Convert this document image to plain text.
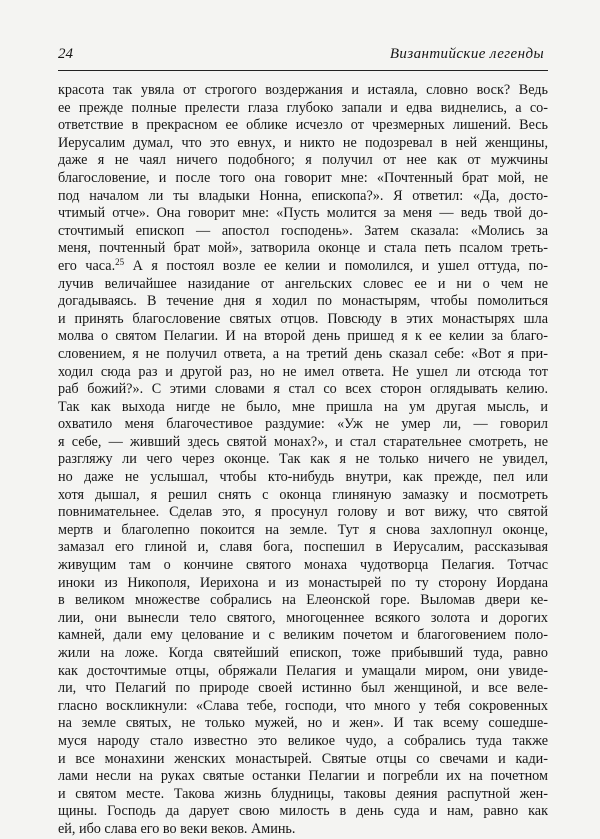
24	Византийские легенды
красота так увяла от строгого воздержания и истаяла, словно воск? Ведь
ее прежде полные прелести глаза глубоко запали и едва виднелись, а со-
ответствие в прекрасном ее облике исчезло от чрезмерных лишений. Весь
Иерусалим думал, что это евнух, и никто не подозревал в ней женщины,
даже я не чаял ничего подобного; я получил от нее как от мужчины
благословение, и после того она говорит мне: «Почтенный брат мой, не
под началом ли ты владыки Нонна, епископа?». Я ответил: «Да, досто-
чтимый отче». Она говорит мне: «Пусть молится за меня — ведь твой до-
сточтимый епископ — апостол господень». Затем сказала: «Молись за
меня, почтенный брат мой», затворила оконце и стала петь псалом треть-
его часа.$^{25}$ А я постоял возле ее келии и помолился, и ушел оттуда, по-
лучив величайшее назидание от ангельских словес ее и ни о чем не
догадываясь. В течение дня я ходил по монастырям, чтобы помолиться
и принять благословение святых отцов. Повсюду в этих монастырях шла
молва о святом Пелагии. И на второй день пришед я к ее келии за благо-
словением, я не получил ответа, а на третий день сказал себе: «Вот я при-
ходил сюда раз и другой раз, но не имел ответа. Не ушел ли отсюда тот
раб божий?». С этими словами я стал со всех сторон оглядывать келию.
Так как выхода нигде не было, мне пришла на ум другая мысль, и
охватило меня благочестивое раздумие: «Уж не умер ли, — говорил
я себе, — живший здесь святой монах?», и стал старательнее смотреть, не
разгляжу ли чего через оконце. Так как я не только ничего не увидел,
но даже не услышал, чтобы кто-нибудь внутри, как прежде, пел или
хотя дышал, я решил снять с оконца глиняную замазку и посмотреть
повнимательнее. Сделав это, я просунул голову и вот вижу, что святой
мертв и благолепно покоится на земле. Тут я снова захлопнул оконце,
замазал его глиной и, славя бога, поспешил в Иерусалим, рассказывая
живущим там о кончине святого монаха чудотворца Пелагия. Тотчас
иноки из Никополя, Иерихона и из монастырей по ту сторону Иордана
в великом множестве собрались на Елеонской горе. Выломав двери ке-
лии, они вынесли тело святого, многоценнее всякого золота и дорогих
камней, дали ему целование и с великим почетом и благоговением поло-
жили на ложе. Когда святейший епископ, тоже прибывший туда, равно
как досточтимые отцы, обряжали Пелагия и умащали миром, они увиде-
ли, что Пелагий по природе своей истинно был женщиной, и все веле-
гласно воскликнули: «Слава тебе, господи, что много у тебя сокровенных
на земле святых, не только мужей, но и жен». И так всему сошедше-
муся народу стало известно это великое чудо, а собрались туда также
и все монахини женских монастырей. Святые отцы со свечами и кади-
лами несли на руках святые останки Пелагии и погребли их на почетном
и святом месте. Такова жизнь блудницы, таковы деяния распутной жен-
щины. Господь да дарует свою милость в день суда и нам, равно как
ей, ибо слава его во веки веков. Аминь.
